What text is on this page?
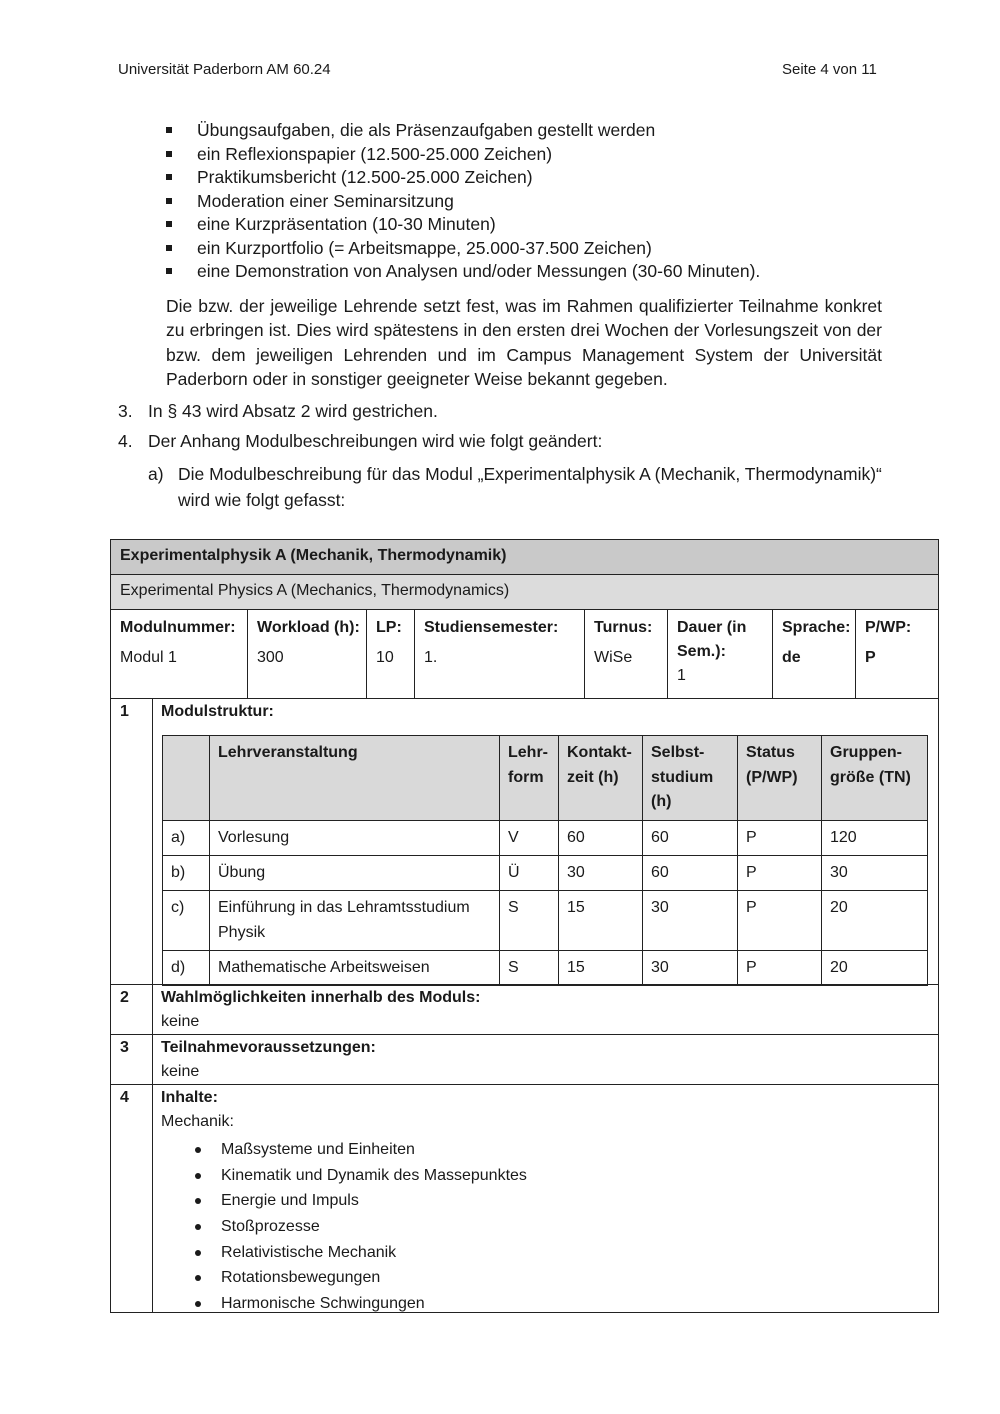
Universität Paderborn AM 60.24	Seite 4 von 11
Übungsaufgaben, die als Präsenzaufgaben gestellt werden
ein Reflexionspapier (12.500-25.000 Zeichen)
Praktikumsbericht (12.500-25.000 Zeichen)
Moderation einer Seminarsitzung
eine Kurzpräsentation (10-30 Minuten)
ein Kurzportfolio (= Arbeitsmappe, 25.000-37.500 Zeichen)
eine Demonstration von Analysen und/oder Messungen (30-60 Minuten).

Die bzw. der jeweilige Lehrende setzt fest, was im Rahmen qualifizierter Teilnahme konkret zu erbringen ist. Dies wird spätestens in den ersten drei Wochen der Vorlesungszeit von der bzw. dem jeweiligen Lehrenden und im Campus Management System der Universität Paderborn oder in sonstiger geeigneter Weise bekannt gegeben.

3. In § 43 wird Absatz 2 wird gestrichen.
4. Der Anhang Modulbeschreibungen wird wie folgt geändert:
a) Die Modulbeschreibung für das Modul „Experimentalphysik A (Mechanik, Thermodynamik)“ wird wie folgt gefasst:
Experimentalphysik A (Mechanik, Thermodynamik)
Experimental Physics A (Mechanics, Thermodynamics)
Modulnummer:
Modul 1
Workload (h):
300
LP:
10
Studiensemester:
1.
Turnus:
WiSe
Dauer (in Sem.):
1
Sprache:
de
P/WP:
P
1 Modulstruktur:
	Lehrveranstaltung	Lehr-form	Kontakt-zeit (h)	Selbst-studium (h)	Status (P/WP)	Gruppen-größe (TN)
a)	Vorlesung	V	60	60	P	120
b)	Übung	Ü	30	60	P	30
c)	Einführung in das Lehramtsstudium Physik	S	15	30	P	20
d)	Mathematische Arbeitsweisen	S	15	30	P	20
2 Wahlmöglichkeiten innerhalb des Moduls:
keine
3 Teilnahmevoraussetzungen:
keine
4 Inhalte:
Mechanik:
Maßsysteme und Einheiten
Kinematik und Dynamik des Massepunktes
Energie und Impuls
Stoßprozesse
Relativistische Mechanik
Rotationsbewegungen
Harmonische Schwingungen
